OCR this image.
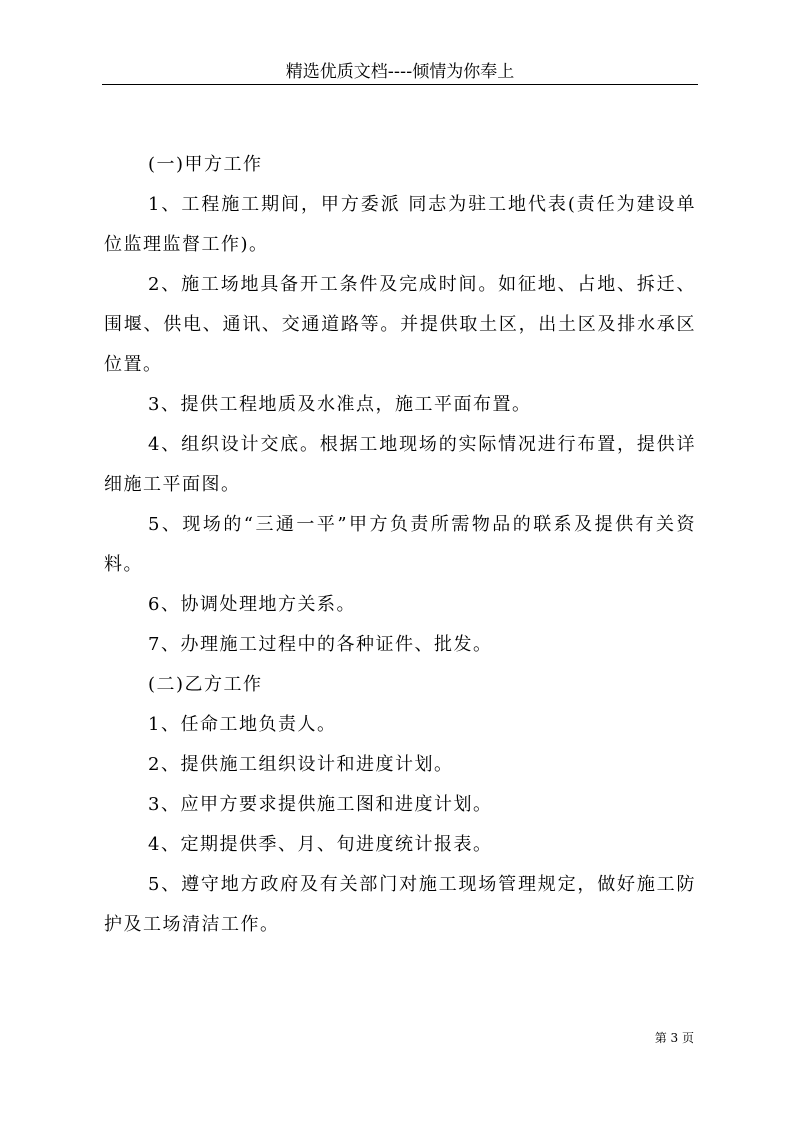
精选优质文档----倾情为你奉上

(一)甲方工作

1、工程施工期间，甲方委派 同志为驻工地代表(责任为建设单位监理监督工作)。

2、施工场地具备开工条件及完成时间。如征地、占地、拆迁、围堰、供电、通讯、交通道路等。并提供取土区，出土区及排水承区位置。

3、提供工程地质及水准点，施工平面布置。

4、组织设计交底。根据工地现场的实际情况进行布置，提供详细施工平面图。

5、现场的“三通一平”甲方负责所需物品的联系及提供有关资料。

6、协调处理地方关系。

7、办理施工过程中的各种证件、批发。

(二)乙方工作

1、任命工地负责人。

2、提供施工组织设计和进度计划。

3、应甲方要求提供施工图和进度计划。

4、定期提供季、月、旬进度统计报表。

5、遵守地方政府及有关部门对施工现场管理规定，做好施工防护及工场清洁工作。

第 3 页
